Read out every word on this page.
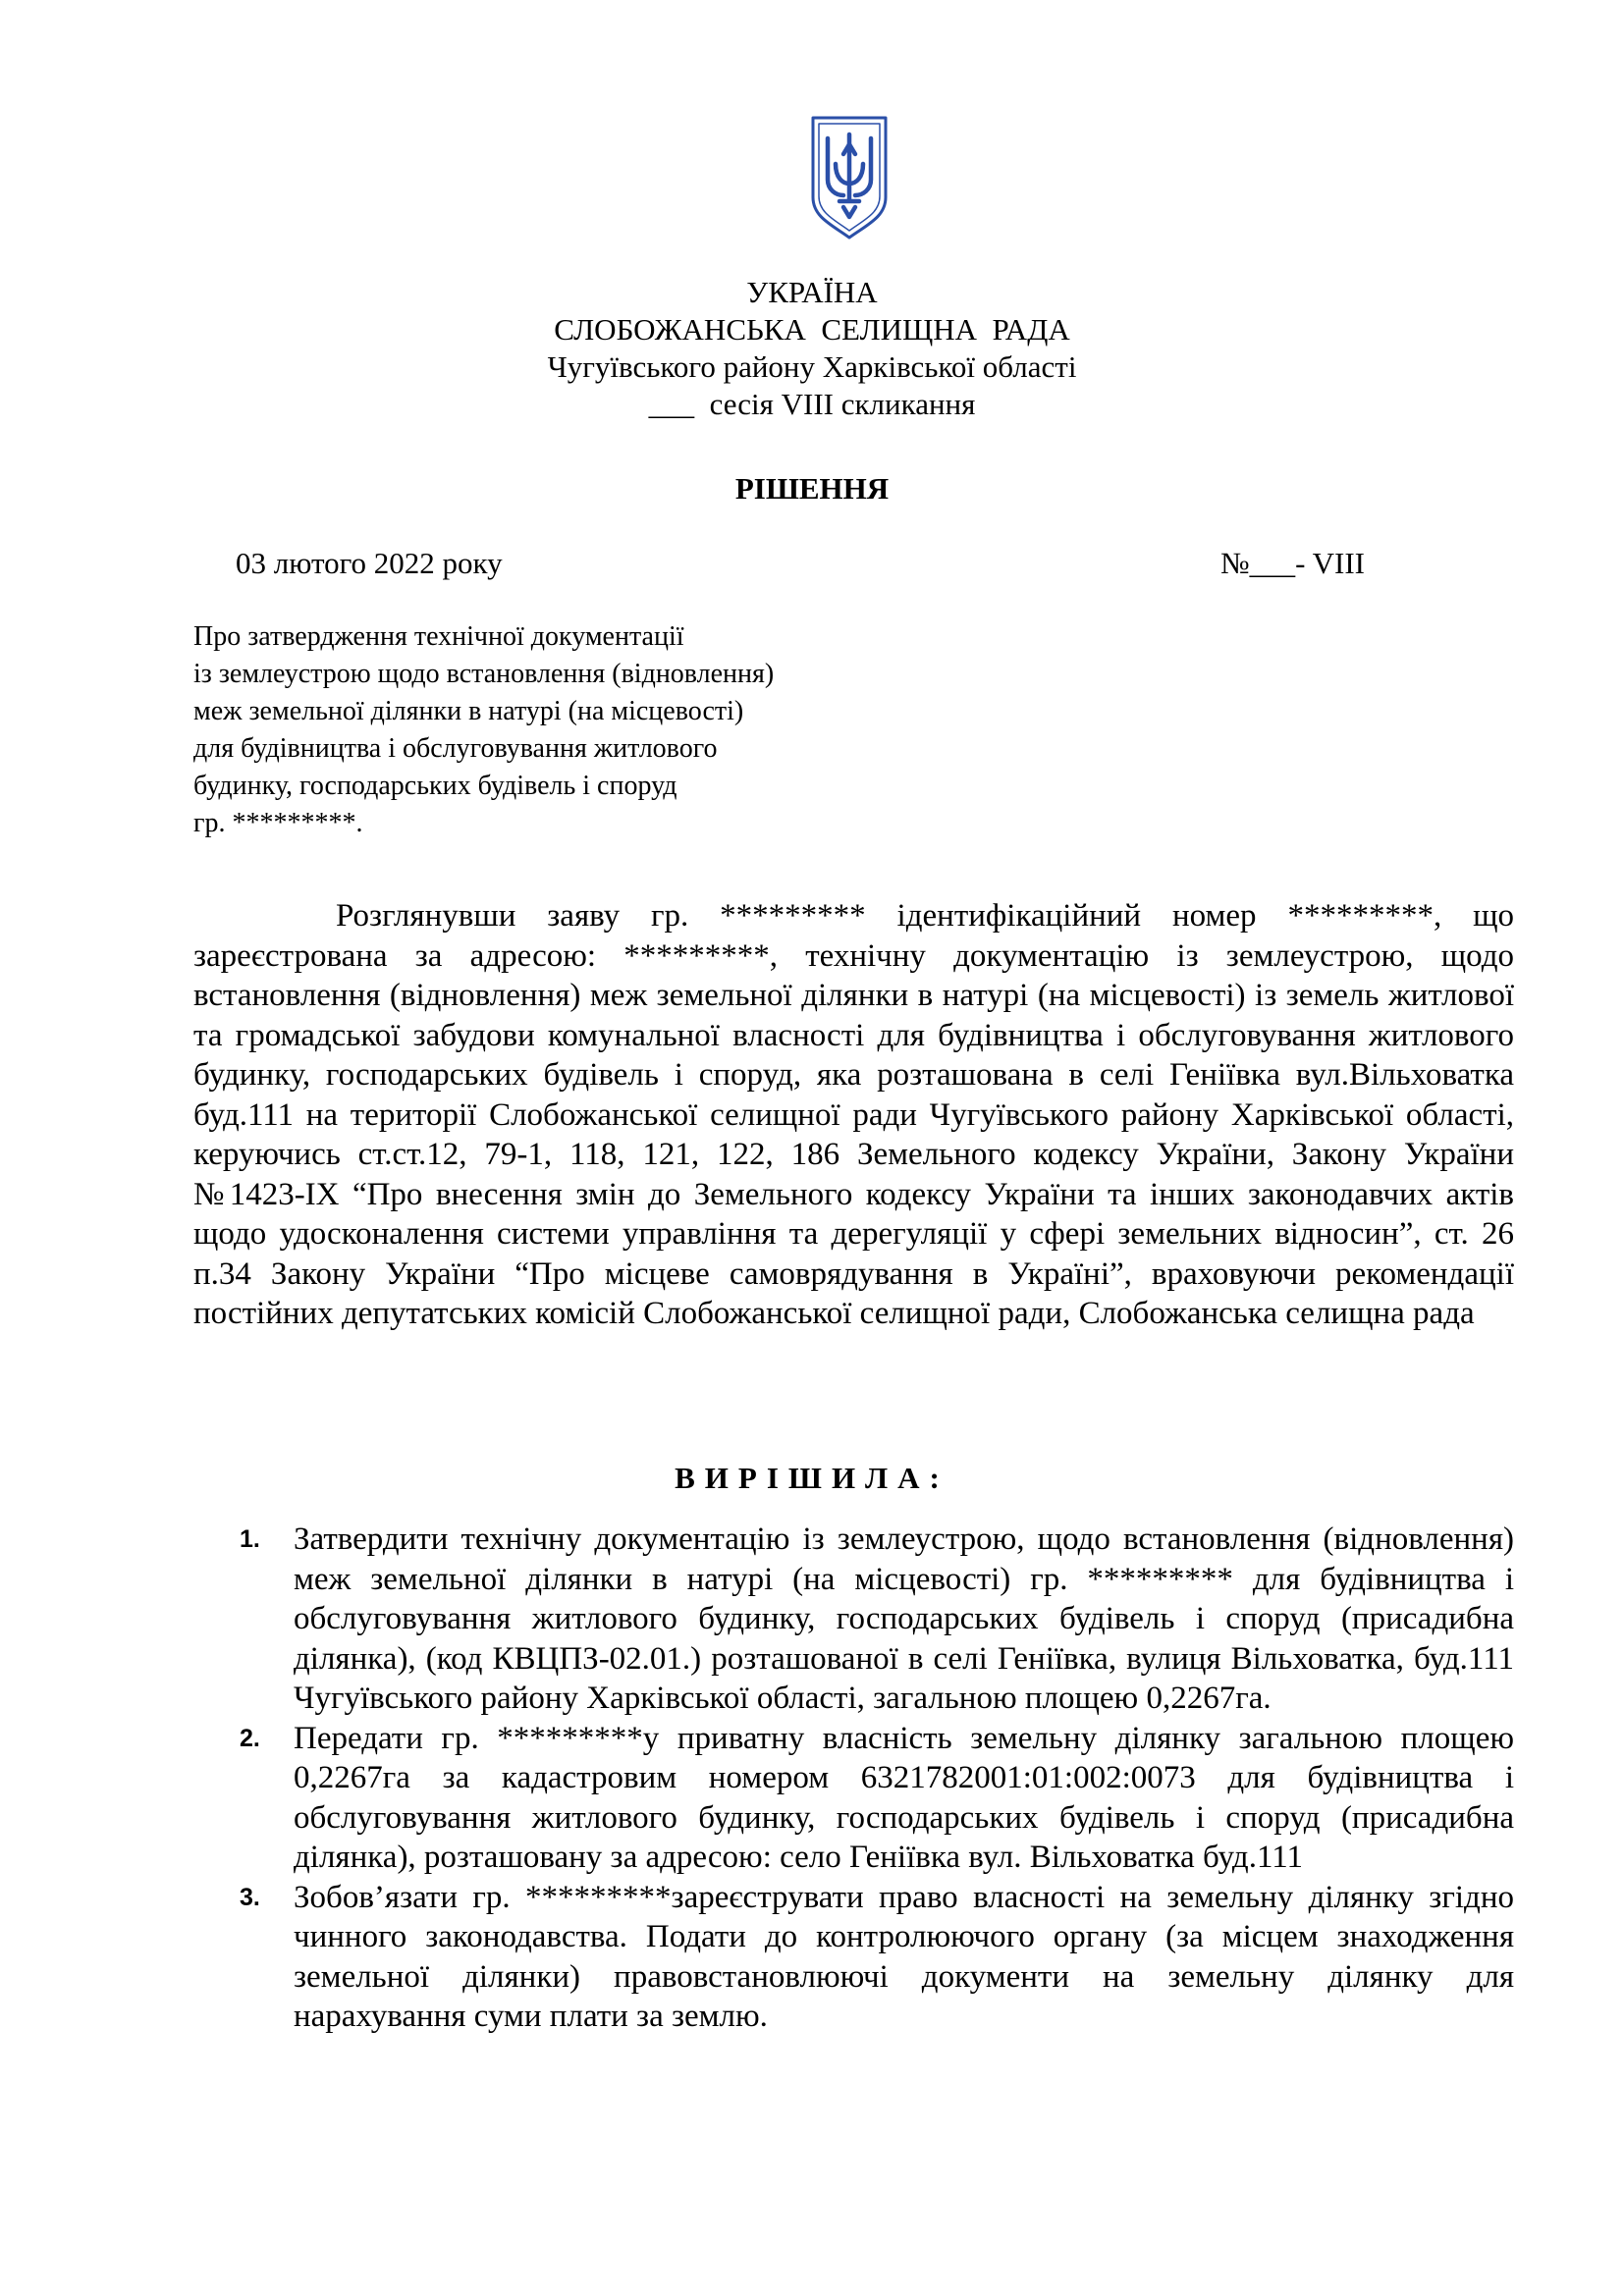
УКРАЇНА
СЛОБОЖАНСЬКА  СЕЛИЩНА  РАДА
Чугуївського району Харківської області
___  сесія VIII скликання
РІШЕННЯ
03 лютого 2022 року	№___- VIII
Про затвердження технічної документації
із землеустрою щодо встановлення (відновлення)
меж земельної ділянки в натурі (на місцевості)
для будівництва і обслуговування житлового
будинку, господарських будівель і споруд
гр. *********.
Розглянувши заяву гр. ********* ідентифікаційний номер *********, що зареєстрована за адресою: *********, технічну документацію із землеустрою, щодо встановлення (відновлення) меж земельної ділянки в натурі (на місцевості) із земель житлової та громадської забудови комунальної власності для будівництва і обслуговування житлового будинку, господарських будівель і споруд, яка розташована в селі Геніївка вул.Вільховатка буд.111 на території Слобожанської селищної ради Чугуївського району Харківської області, керуючись ст.ст.12, 79-1, 118, 121, 122, 186 Земельного кодексу України, Закону України №1423-IX “Про внесення змін до Земельного кодексу України та інших законодавчих актів щодо удосконалення системи управління та дерегуляції у сфері земельних відносин”, ст. 26 п.34 Закону України “Про місцеве самоврядування в Україні”, враховуючи рекомендації постійних депутатських комісій Слобожанської селищної ради, Слобожанська селищна рада
ВИРІШИЛА:
1. Затвердити технічну документацію із землеустрою, щодо встановлення (відновлення) меж земельної ділянки в натурі (на місцевості) гр. ********* для будівництва і обслуговування житлового будинку, господарських будівель і споруд (присадибна ділянка), (код КВЦПЗ-02.01.) розташованої в селі Геніївка, вулиця Вільховатка, буд.111 Чугуївського району Харківської області, загальною площею 0,2267га.
2. Передати гр. *********у приватну власність земельну ділянку загальною площею 0,2267га за кадастровим номером 6321782001:01:002:0073 для будівництва і обслуговування житлового будинку, господарських будівель і споруд (присадибна ділянка), розташовану за адресою: село Геніївка вул. Вільховатка буд.111
3. Зобов’язати гр. *********зареєструвати право власності на земельну ділянку згідно чинного законодавства. Подати до контролюючого органу (за місцем знаходження земельної ділянки) правовстановлюючі документи на земельну ділянку для нарахування суми плати за землю.
